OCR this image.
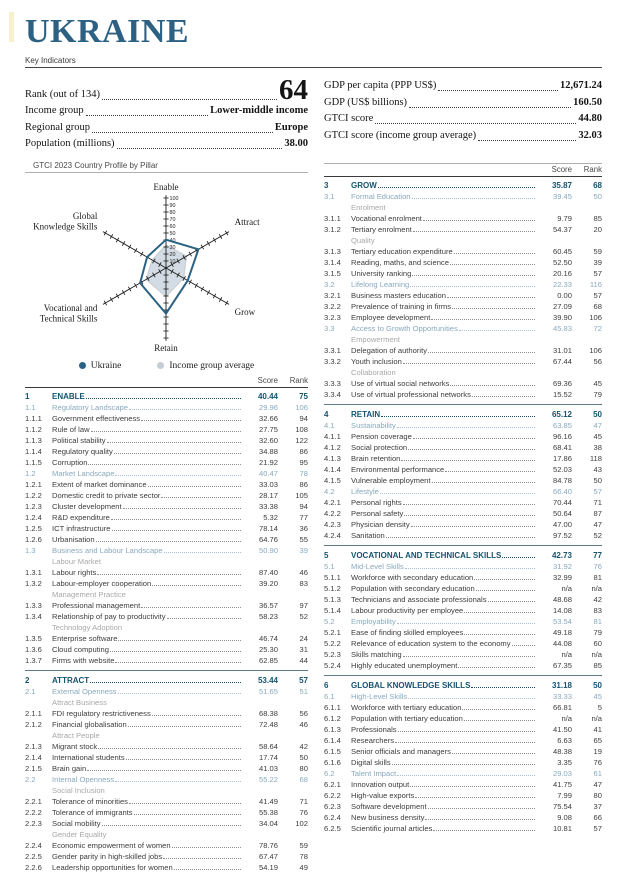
UKRAINE
Key Indicators
Rank (out of 134)	64
Income group	Lower-middle income
Regional group	Europe
Population (millions)	38.00
GDP per capita (PPP US$)	12,671.24
GDP (US$ billions)	160.50
GTCI score	44.80
GTCI score (income group average)	32.03
GTCI 2023 Country Profile by Pillar
10
20
30
40
50
60
70
80
90
100
Enable
Attract
Grow
Retain
Vocational and
Technical Skills
Global
Knowledge Skills
Ukraine	Income group average
Score	Rank
1	ENABLE	40.44	75
1.1	Regulatory Landscape	29.96	106
1.1.1	Government effectiveness	32.66	94
1.1.2	Rule of law	27.75	108
1.1.3	Political stability	32.60	122
1.1.4	Regulatory quality	34.88	86
1.1.5	Corruption	21.92	95
1.2	Market Landscape	40.47	78
1.2.1	Extent of market dominance	33.03	86
1.2.2	Domestic credit to private sector	28.17	105
1.2.3	Cluster development	33.38	94
1.2.4	R&D expenditure	5.32	77
1.2.5	ICT infrastructure	78.14	36
1.2.6	Urbanisation	64.76	55
1.3	Business and Labour Landscape	50.90	39
Labour Market
1.3.1	Labour rights	87.40	46
1.3.2	Labour-employer cooperation	39.20	83
Management Practice
1.3.3	Professional management	36.57	97
1.3.4	Relationship of pay to productivity	58.23	52
Technology Adoption
1.3.5	Enterprise software	46.74	24
1.3.6	Cloud computing	25.30	31
1.3.7	Firms with website	62.85	44
2	ATTRACT	53.44	57
2.1	External Openness	51.65	51
Attract Business
2.1.1	FDI regulatory restrictiveness	68.38	56
2.1.2	Financial globalisation	72.48	46
Attract People
2.1.3	Migrant stock	58.64	42
2.1.4	International students	17.74	50
2.1.5	Brain gain	41.03	80
2.2	Internal Openness	55.22	68
Social Inclusion
2.2.1	Tolerance of minorities	41.49	71
2.2.2	Tolerance of immigrants	55.38	76
2.2.3	Social mobility	34.04	102
Gender Equality
2.2.4	Economic empowerment of women	78.76	59
2.2.5	Gender parity in high-skilled jobs	67.47	78
2.2.6	Leadership opportunities for women	54.19	49
Score	Rank
3	GROW	35.87	68
3.1	Formal Education	39.45	50
Enrolment
3.1.1	Vocational enrolment	9.79	85
3.1.2	Tertiary enrolment	54.37	20
Quality
3.1.3	Tertiary education expenditure	60.45	59
3.1.4	Reading, maths, and science	52.50	39
3.1.5	University ranking	20.16	57
3.2	Lifelong Learning	22.33	116
3.2.1	Business masters education	0.00	57
3.2.2	Prevalence of training in firms	27.09	68
3.2.3	Employee development	39.90	106
3.3	Access to Growth Opportunities	45.83	72
Empowerment
3.3.1	Delegation of authority	31.01	106
3.3.2	Youth inclusion	67.44	56
Collaboration
3.3.3	Use of virtual social networks	69.36	45
3.3.4	Use of virtual professional networks	15.52	79
4	RETAIN	65.12	50
4.1	Sustainability	63.85	47
4.1.1	Pension coverage	96.16	45
4.1.2	Social protection	68.41	38
4.1.3	Brain retention	17.86	118
4.1.4	Environmental performance	52.03	43
4.1.5	Vulnerable employment	84.78	50
4.2	Lifestyle	66.40	57
4.2.1	Personal rights	70.44	71
4.2.2	Personal safety	50.64	87
4.2.3	Physician density	47.00	47
4.2.4	Sanitation	97.52	52
5	VOCATIONAL AND TECHNICAL SKILLS	42.73	77
5.1	Mid-Level Skills	31.92	76
5.1.1	Workforce with secondary education	32.99	81
5.1.2	Population with secondary education	n/a	n/a
5.1.3	Technicians and associate professionals	48.68	42
5.1.4	Labour productivity per employee	14.08	83
5.2	Employability	53.54	81
5.2.1	Ease of finding skilled employees	49.18	79
5.2.2	Relevance of education system to the economy	44.08	60
5.2.3	Skills matching	n/a	n/a
5.2.4	Highly educated unemployment	67.35	85
6	GLOBAL KNOWLEDGE SKILLS	31.18	50
6.1	High-Level Skills	33.33	45
6.1.1	Workforce with tertiary education	66.81	5
6.1.2	Population with tertiary education	n/a	n/a
6.1.3	Professionals	41.50	41
6.1.4	Researchers	6.63	65
6.1.5	Senior officials and managers	48.38	19
6.1.6	Digital skills	3.35	76
6.2	Talent Impact	29.03	61
6.2.1	Innovation output	41.75	47
6.2.2	High-value exports	7.99	80
6.2.3	Software development	75.54	37
6.2.4	New business density	9.08	66
6.2.5	Scientific journal articles	10.81	57
